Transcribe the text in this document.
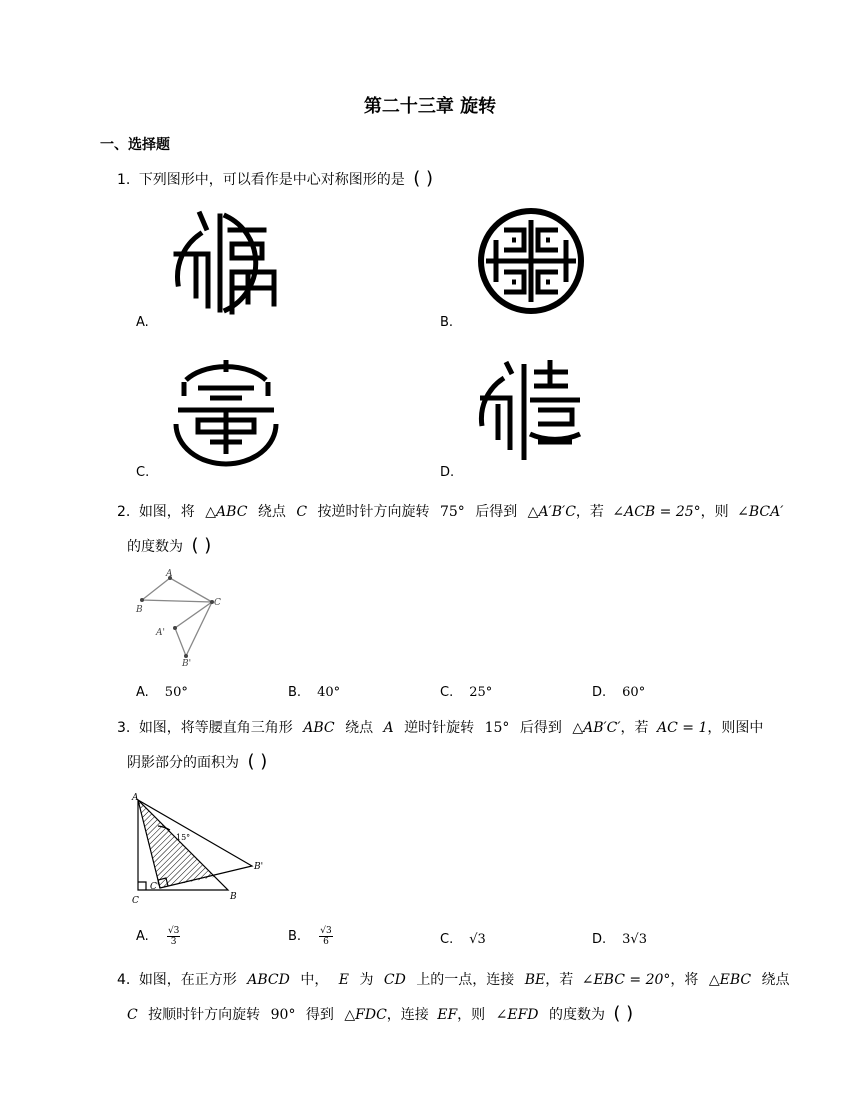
第二十三章 旋转
一、选择题
1. 下列图形中，可以看作是中心对称图形的是 ( )
A.	B.
C.	D.
2. 如图，将 △ABC 绕点 C 按逆时针方向旋转 75° 后得到 △A′B′C，若 ∠ACB = 25°，则 ∠BCA′
的度数为 ( )
A
B
C
A'
B'
A. 50°	B. 40°	C. 25°	D. 60°
3. 如图，将等腰直角三角形 ABC 绕点 A 逆时针旋转 15° 后得到 △AB′C′，若 AC = 1，则图中
阴影部分的面积为 ( )
A
C	B
B'
C'
15°
A. $\frac{√3}{3}$	B. $\frac{√3}{6}$	C. √3	D. 3√3
4. 如图，在正方形 ABCD 中， E 为 CD 上的一点，连接 BE，若 ∠EBC = 20°，将 △EBC 绕点
C 按顺时针方向旋转 90° 得到 △FDC，连接 EF，则 ∠EFD 的度数为 ( )
